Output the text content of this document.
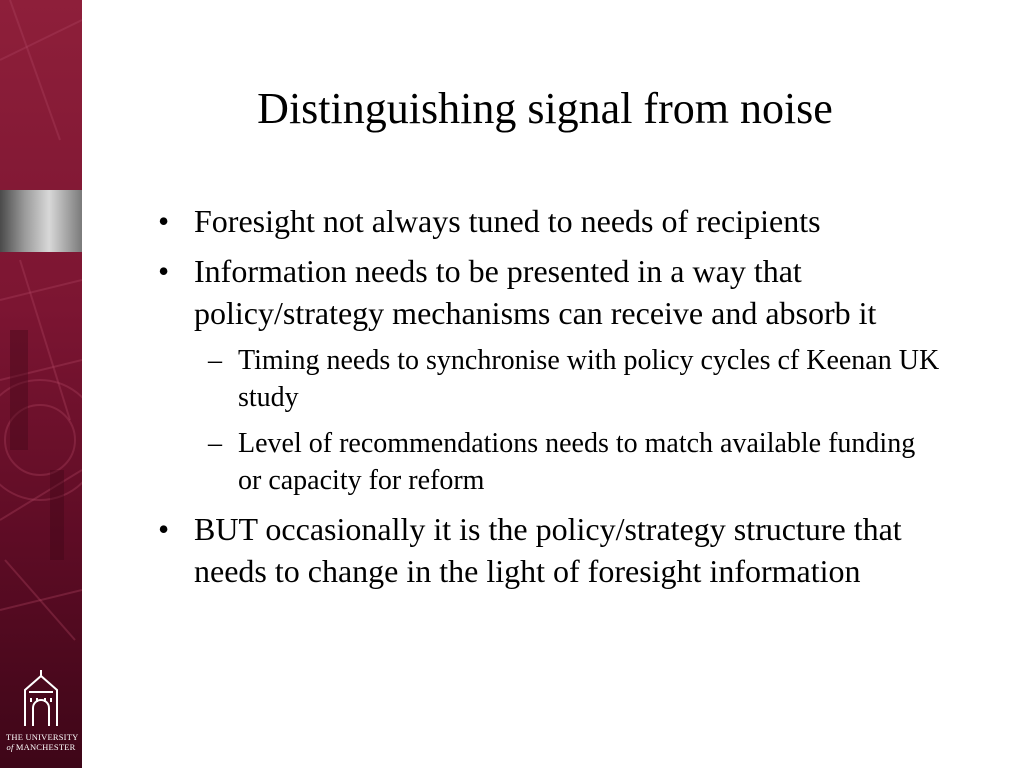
THE UNIVERSITY
of MANCHESTER
Distinguishing signal from noise
• Foresight not always tuned to needs of recipients
• Information needs to be presented in a way that policy/strategy mechanisms can receive and absorb it
– Timing needs to synchronise with policy cycles cf Keenan UK study
– Level of recommendations needs to match available funding or capacity for reform
• BUT occasionally it is the policy/strategy structure that needs to change in the light of foresight information
